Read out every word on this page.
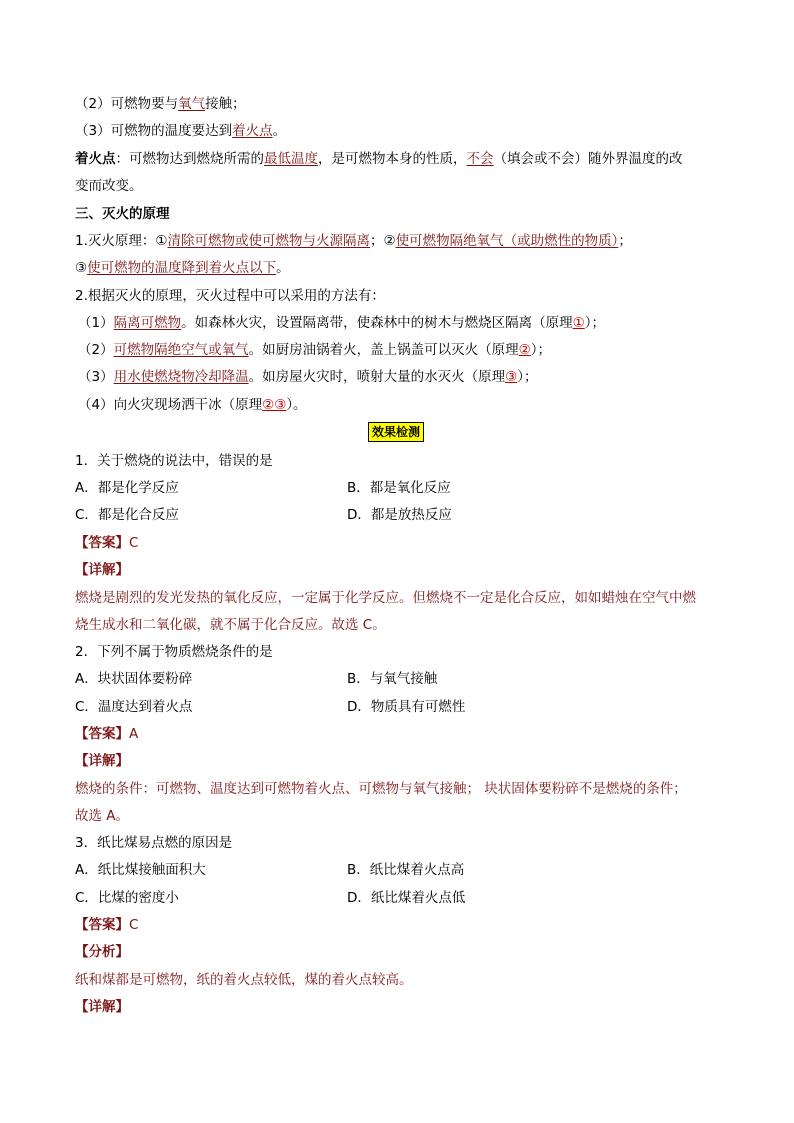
（2）可燃物要与氧气接触；
（3）可燃物的温度要达到着火点。
着火点：可燃物达到燃烧所需的最低温度，是可燃物本身的性质，不会（填会或不会）随外界温度的改
变而改变。
三、灭火的原理
1.灭火原理：①清除可燃物或使可燃物与火源隔离；②使可燃物隔绝氧气（或助燃性的物质）；
③使可燃物的温度降到着火点以下。
2.根据灭火的原理，灭火过程中可以采用的方法有：
（1）隔离可燃物。如森林火灾，设置隔离带，使森林中的树木与燃烧区隔离（原理①）；
（2）可燃物隔绝空气或氧气。如厨房油锅着火，盖上锅盖可以灭火（原理②）；
（3）用水使燃烧物冷却降温。如房屋火灾时，喷射大量的水灭火（原理③）；
（4）向火灾现场洒干冰（原理②③）。
效果检测
1．关于燃烧的说法中，错误的是
A．都是化学反应	B．都是氧化反应
C．都是化合反应	D．都是放热反应
【答案】C
【详解】
燃烧是剧烈的发光发热的氧化反应，一定属于化学反应。但燃烧不一定是化合反应，如如蜡烛在空气中燃
烧生成水和二氧化碳，就不属于化合反应。故选 C。
2．下列不属于物质燃烧条件的是
A．块状固体要粉碎	B．与氧气接触
C．温度达到着火点	D．物质具有可燃性
【答案】A
【详解】
燃烧的条件：可燃物、温度达到可燃物着火点、可燃物与氧气接触； 块状固体要粉碎不是燃烧的条件；
故选 A。
3．纸比煤易点燃的原因是
A．纸比煤接触面积大	B．纸比煤着火点高
C．比煤的密度小	D．纸比煤着火点低
【答案】C
【分析】
纸和煤都是可燃物，纸的着火点较低，煤的着火点较高。
【详解】
